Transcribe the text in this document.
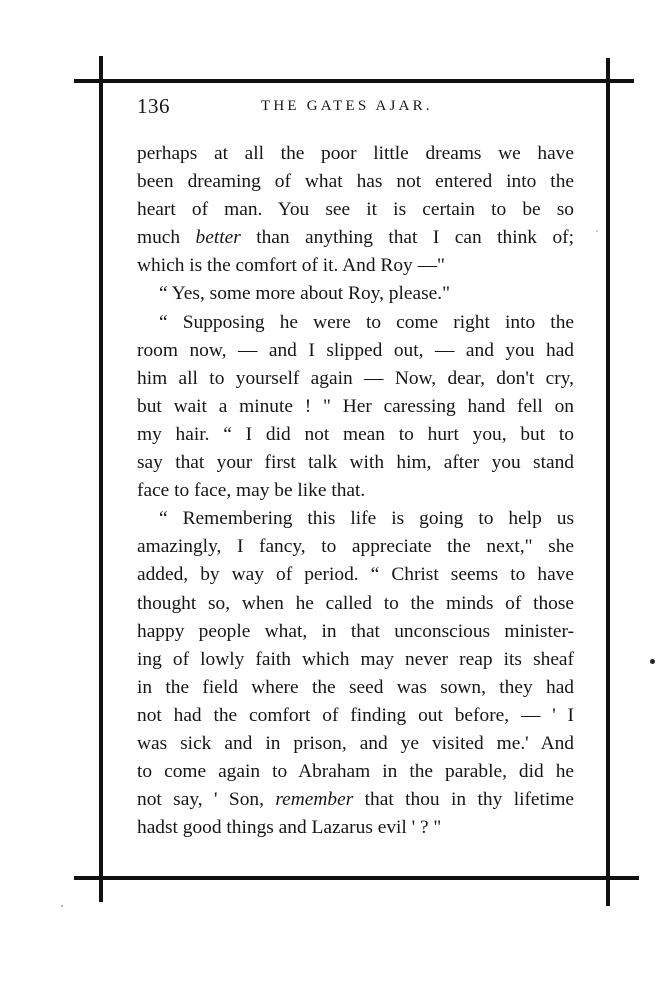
136	THE GATES AJAR.
perhaps at all the poor little dreams we have
been dreaming of what has not entered into the
heart of man. You see it is certain to be so
much better than anything that I can think of;
which is the comfort of it. And Roy —"
“ Yes, some more about Roy, please."
“ Supposing he were to come right into the
room now, — and I slipped out, — and you had
him all to yourself again — Now, dear, don't cry,
but wait a minute ! " Her caressing hand fell on
my hair. “ I did not mean to hurt you, but to
say that your first talk with him, after you stand
face to face, may be like that.
“ Remembering this life is going to help us
amazingly, I fancy, to appreciate the next," she
added, by way of period. “ Christ seems to have
thought so, when he called to the minds of those
happy people what, in that unconscious minister-
ing of lowly faith which may never reap its sheaf
in the field where the seed was sown, they had
not had the comfort of finding out before, — ' I
was sick and in prison, and ye visited me.' And
to come again to Abraham in the parable, did he
not say, ' Son, remember that thou in thy lifetime
hadst good things and Lazarus evil ' ? "
